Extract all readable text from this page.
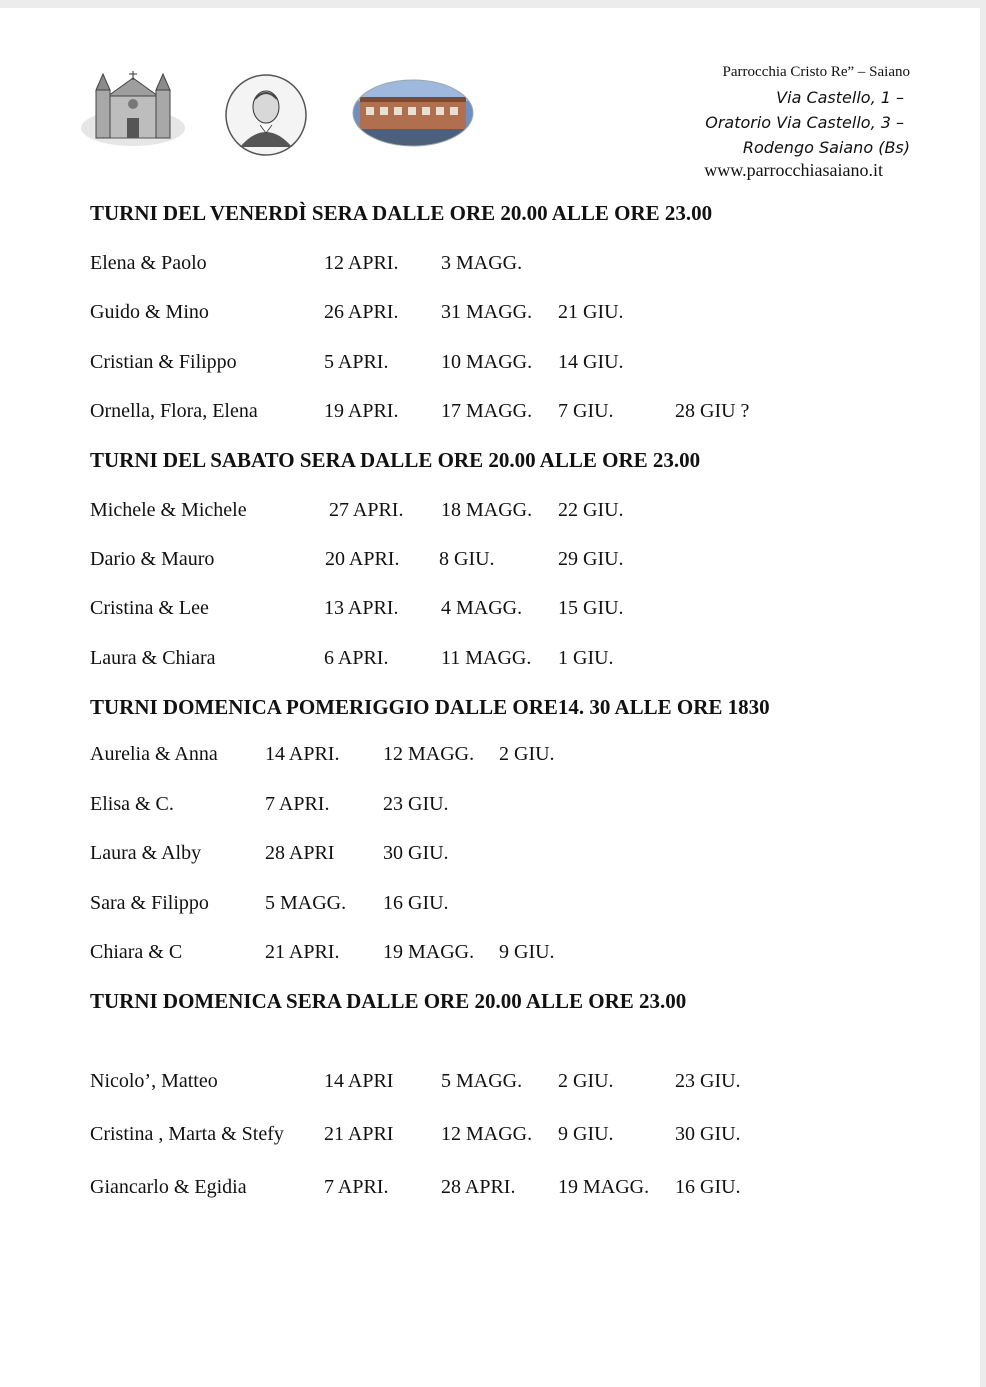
Parrocchia Cristo Re” – Saiano
Via Castello, 1 –
Oratorio Via Castello, 3 –
Rodengo Saiano (Bs)
www.parrocchiasaiano.it
TURNI DEL VENERDÌ SERA DALLE ORE 20.00 ALLE ORE 23.00
Elena & Paolo	12 APRI. 3 MAGG.
Guido & Mino	26 APRI. 31 MAGG. 21 GIU.
Cristian & Filippo	5 APRI.	10 MAGG. 14 GIU.
Ornella, Flora, Elena	19 APRI. 17 MAGG. 7 GIU.	28 GIU ?
TURNI DEL SABATO SERA DALLE ORE 20.00 ALLE ORE 23.00
Michele & Michele	27 APRI. 18 MAGG. 22 GIU.
Dario & Mauro	20 APRI. 8 GIU.	29 GIU.
Cristina & Lee	13 APRI. 4 MAGG. 15 GIU.
Laura & Chiara	6 APRI.	11 MAGG. 1 GIU.
TURNI DOMENICA POMERIGGIO DALLE ORE14. 30 ALLE ORE 1830
Aurelia & Anna 14 APRI. 12 MAGG. 2 GIU.
Elisa & C.	7 APRI.	23 GIU.
Laura & Alby	28 APRI 30 GIU.
Sara & Filippo	5 MAGG. 16 GIU.
Chiara & C	21 APRI. 19 MAGG. 9 GIU.
TURNI DOMENICA SERA DALLE ORE 20.00 ALLE ORE 23.00
Nicolo’, Matteo	14 APRI 5 MAGG. 2 GIU.	23 GIU.
Cristina , Marta & Stefy 21 APRI 12 MAGG. 9 GIU.	30 GIU.
Giancarlo & Egidia	7 APRI.	28 APRI. 19 MAGG. 16 GIU.
